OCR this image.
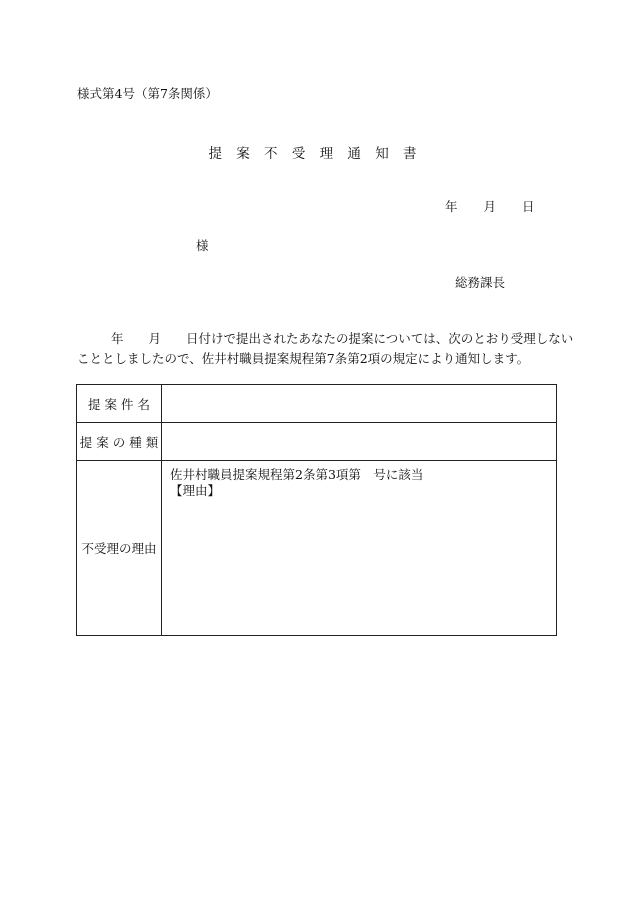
様式第4号（第7条関係）
提 案 不 受 理 通 知 書
年 月 日
様
総務課長
年　　月　　日付けで提出されたあなたの提案については、次のとおり受理しない
こととしましたので、佐井村職員提案規程第7条第2項の規定により通知します。
提 案 件 名	
提 案 の 種 類	
不受理の理由	佐井村職員提案規程第2条第3項第　号に該当
【理由】
